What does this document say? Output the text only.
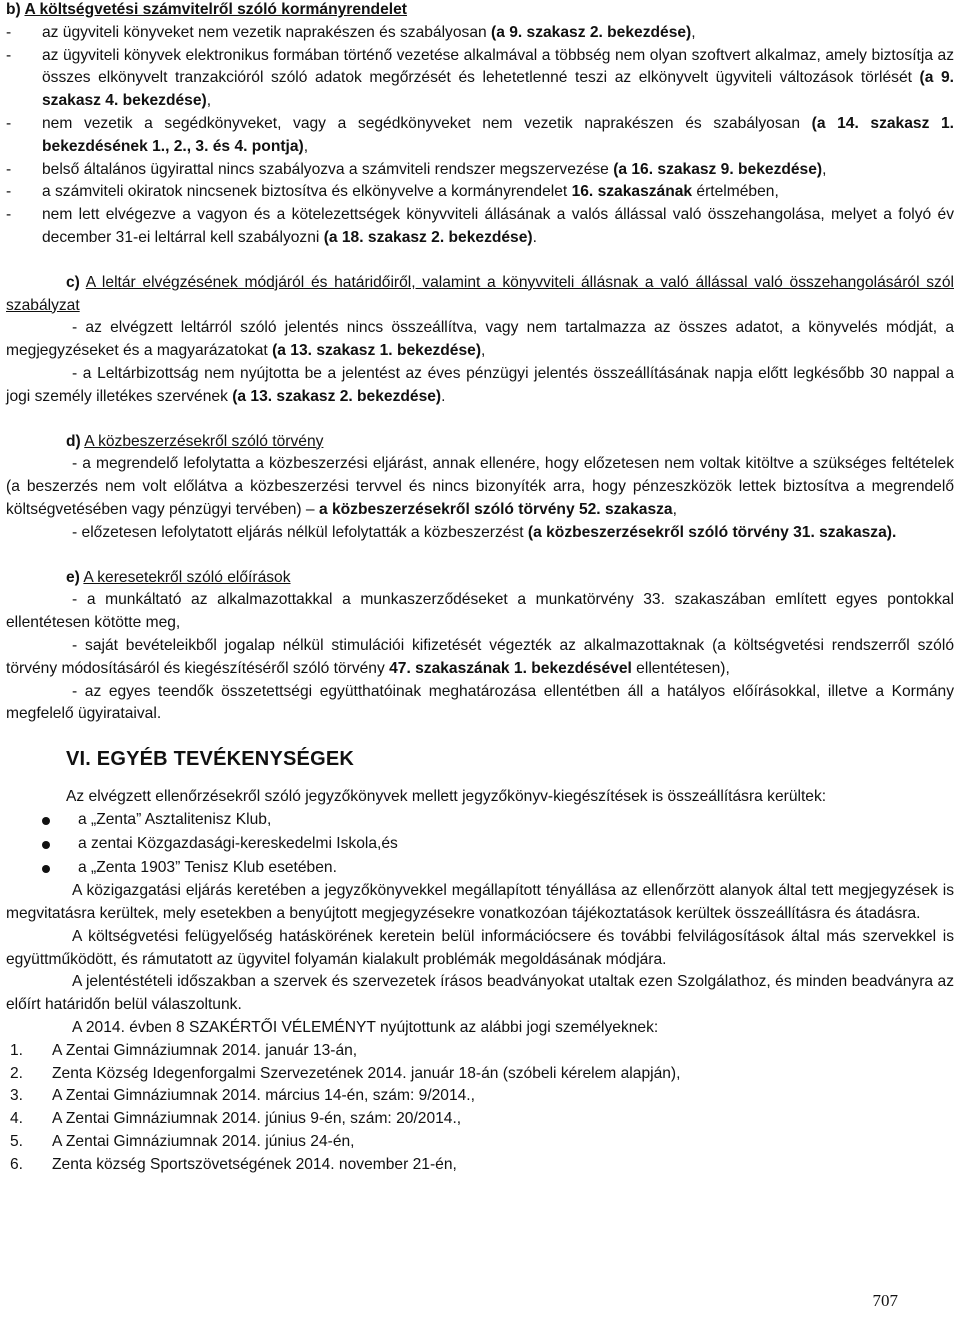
b) A költségvetési számvitelről szóló kormányrendelet

-	az ügyviteli könyveket nem vezetik naprakészen és szabályosan (a 9. szakasz 2. bekezdése),
-	az ügyviteli könyvek elektronikus formában történő vezetése alkalmával a többség nem olyan szoftvert alkalmaz, amely biztosítja az összes elkönyvelt tranzakcióról szóló adatok megőrzését és lehetetlenné teszi az elkönyvelt ügyviteli változások törlését (a 9. szakasz 4. bekezdése),
-	nem vezetik a segédkönyveket, vagy a segédkönyveket nem vezetik naprakészen és szabályosan (a 14. szakasz 1. bekezdésének 1., 2., 3. és 4. pontja),
-	belső általános ügyirattal nincs szabályozva a számviteli rendszer megszervezése (a 16. szakasz 9. bekezdése),
-	a számviteli okiratok nincsenek biztosítva és elkönyvelve a kormányrendelet 16. szakaszának értelmében,
-	nem lett elvégezve a vagyon és a kötelezettségek könyvviteli állásának a valós állással való összehangolása, melyet a folyó év december 31-ei leltárral kell szabályozni (a 18. szakasz 2. bekezdése).

c) A leltár elvégzésének módjáról és határidőiről, valamint a könyvviteli állásnak a való állással való összehangolásáról szól szabályzat

- az elvégzett leltárról szóló jelentés nincs összeállítva, vagy nem tartalmazza az összes adatot, a könyvelés módját, a megjegyzéseket és a magyarázatokat (a 13. szakasz 1. bekezdése),

- a Leltárbizottság nem nyújtotta be a jelentést az éves pénzügyi jelentés összeállításának napja előtt legkésőbb 30 nappal a jogi személy illetékes szervének (a 13. szakasz 2. bekezdése).

d) A közbeszerzésekről szóló törvény

- a megrendelő lefolytatta a közbeszerzési eljárást, annak ellenére, hogy előzetesen nem voltak kitöltve a szükséges feltételek (a beszerzés nem volt előlátva a közbeszerzési tervvel és nincs bizonyíték arra, hogy pénzeszközök lettek biztosítva a megrendelő költségvetésében vagy pénzügyi tervében) – a közbeszerzésekről szóló törvény 52. szakasza,

- előzetesen lefolytatott eljárás nélkül lefolytatták a közbeszerzést (a közbeszerzésekről szóló törvény 31. szakasza).

e) A keresetekről szóló előírások

- a munkáltató az alkalmazottakkal a munkaszerződéseket a munkatörvény 33. szakaszában említett egyes pontokkal ellentétesen kötötte meg,

- saját bevételeikből jogalap nélkül stimulációi kifizetését végezték az alkalmazottaknak (a költségvetési rendszerről szóló törvény módosításáról és kiegészítéséről szóló törvény 47. szakaszának 1. bekezdésével ellentétesen),

- az egyes teendők összetettségi együtthatóinak meghatározása ellentétben áll a hatályos előírásokkal, illetve a Kormány megfelelő ügyirataival.

VI. EGYÉB TEVÉKENYSÉGEK

Az elvégzett ellenőrzésekről szóló jegyzőkönyvek mellett jegyzőkönyv-kiegészítések is összeállításra kerültek:

a „Zenta” Asztalitenisz Klub,
a zentai Közgazdasági-kereskedelmi Iskola,és
a „Zenta 1903” Tenisz Klub esetében.

A közigazgatási eljárás keretében a jegyzőkönyvekkel megállapított tényállása az ellenőrzött alanyok által tett megjegyzések is megvitatásra kerültek, mely esetekben a benyújtott megjegyzésekre vonatkozóan tájékoztatások kerültek összeállításra és átadásra.

A költségvetési felügyelőség hatáskörének keretein belül információcsere és további felvilágosítások által más szervekkel is együttműködött, és rámutatott az ügyvitel folyamán kialakult problémák megoldásának módjára.

A jelentéstételi időszakban a szervek és szervezetek írásos beadványokat utaltak ezen Szolgálathoz, és minden beadványra az előírt határidőn belül válaszoltunk.

A 2014. évben 8 SZAKÉRTŐI VÉLEMÉNYT nyújtottunk az alábbi jogi személyeknek:

1.	A Zentai Gimnáziumnak 2014. január 13-án,
2.	Zenta Község Idegenforgalmi Szervezetének 2014. január 18-án (szóbeli kérelem alapján),
3.	A Zentai Gimnáziumnak 2014. március 14-én, szám: 9/2014.,
4.	A Zentai Gimnáziumnak 2014. június 9-én, szám: 20/2014.,
5.	A Zentai Gimnáziumnak 2014. június 24-én,
6.	Zenta község Sportszövetségének 2014. november 21-én,
707
